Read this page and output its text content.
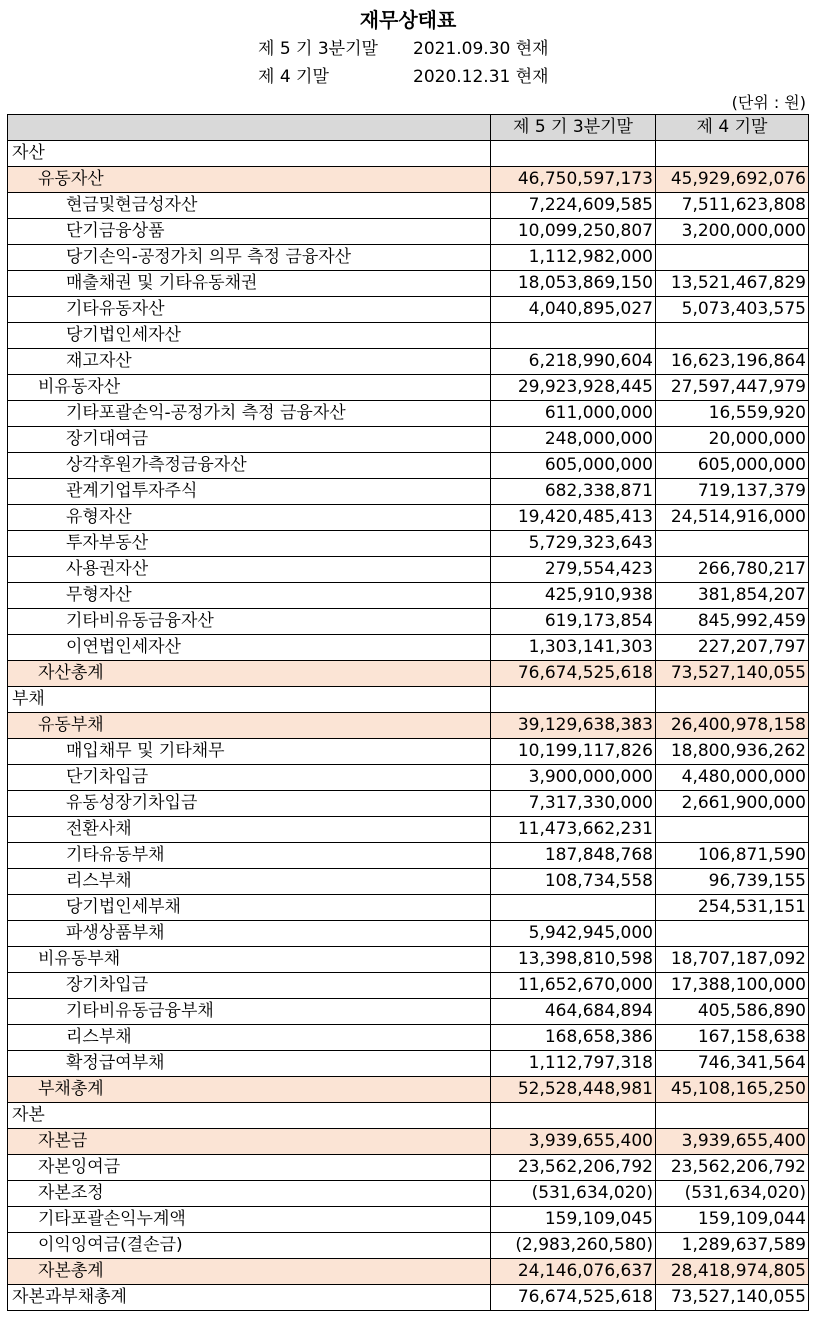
재무상태표
제 5 기 3분기말 2021.09.30 현재
제 4 기말	2020.12.31 현재
(단위 : 원)
	제 5 기 3분기말	제 4 기말
자산		
유동자산	46,750,597,173	45,929,692,076
현금및현금성자산	7,224,609,585	7,511,623,808
단기금융상품	10,099,250,807	3,200,000,000
당기손익-공정가치 의무 측정 금융자산	1,112,982,000	
매출채권 및 기타유동채권	18,053,869,150	13,521,467,829
기타유동자산	4,040,895,027	5,073,403,575
당기법인세자산		
재고자산	6,218,990,604	16,623,196,864
비유동자산	29,923,928,445	27,597,447,979
기타포괄손익-공정가치 측정 금융자산	611,000,000	16,559,920
장기대여금	248,000,000	20,000,000
상각후원가측정금융자산	605,000,000	605,000,000
관계기업투자주식	682,338,871	719,137,379
유형자산	19,420,485,413	24,514,916,000
투자부동산	5,729,323,643	
사용권자산	279,554,423	266,780,217
무형자산	425,910,938	381,854,207
기타비유동금융자산	619,173,854	845,992,459
이연법인세자산	1,303,141,303	227,207,797
자산총계	76,674,525,618	73,527,140,055
부채		
유동부채	39,129,638,383	26,400,978,158
매입채무 및 기타채무	10,199,117,826	18,800,936,262
단기차입금	3,900,000,000	4,480,000,000
유동성장기차입금	7,317,330,000	2,661,900,000
전환사채	11,473,662,231	
기타유동부채	187,848,768	106,871,590
리스부채	108,734,558	96,739,155
당기법인세부채		254,531,151
파생상품부채	5,942,945,000	
비유동부채	13,398,810,598	18,707,187,092
장기차입금	11,652,670,000	17,388,100,000
기타비유동금융부채	464,684,894	405,586,890
리스부채	168,658,386	167,158,638
확정급여부채	1,112,797,318	746,341,564
부채총계	52,528,448,981	45,108,165,250
자본		
자본금	3,939,655,400	3,939,655,400
자본잉여금	23,562,206,792	23,562,206,792
자본조정	(531,634,020)	(531,634,020)
기타포괄손익누계액	159,109,045	159,109,044
이익잉여금(결손금)	(2,983,260,580)	1,289,637,589
자본총계	24,146,076,637	28,418,974,805
자본과부채총계	76,674,525,618	73,527,140,055
